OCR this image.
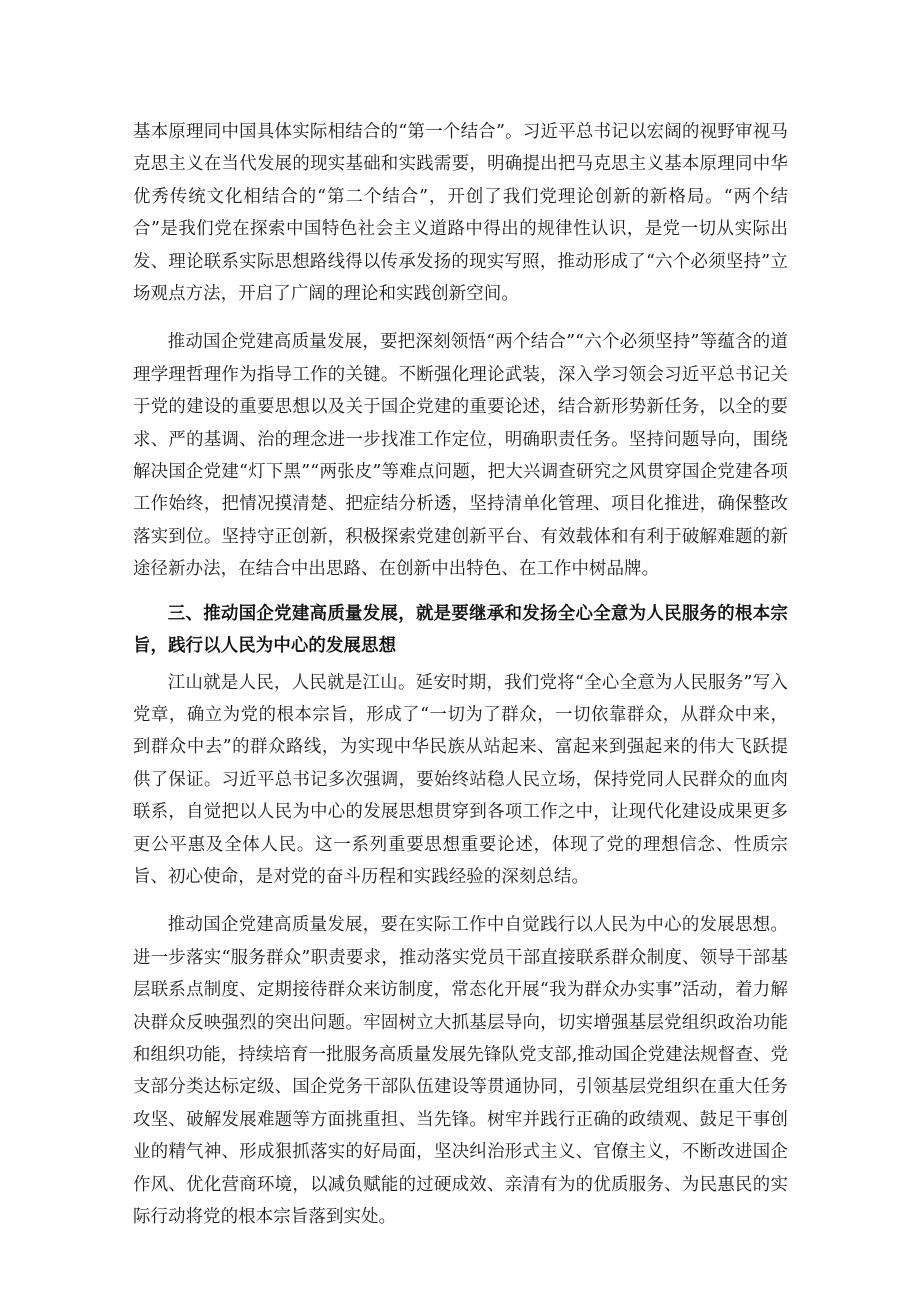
基本原理同中国具体实际相结合的“第一个结合”。习近平总书记以宏阔的视野审视马克思主义在当代发展的现实基础和实践需要，明确提出把马克思主义基本原理同中华优秀传统文化相结合的“第二个结合”，开创了我们党理论创新的新格局。“两个结合”是我们党在探索中国特色社会主义道路中得出的规律性认识，是党一切从实际出发、理论联系实际思想路线得以传承发扬的现实写照，推动形成了“六个必须坚持”立场观点方法，开启了广阔的理论和实践创新空间。

推动国企党建高质量发展，要把深刻领悟“两个结合”“六个必须坚持”等蕴含的道理学理哲理作为指导工作的关键。不断强化理论武装，深入学习领会习近平总书记关于党的建设的重要思想以及关于国企党建的重要论述，结合新形势新任务，以全的要求、严的基调、治的理念进一步找准工作定位，明确职责任务。坚持问题导向，围绕解决国企党建“灯下黑”“两张皮”等难点问题，把大兴调查研究之风贯穿国企党建各项工作始终，把情况摸清楚、把症结分析透，坚持清单化管理、项目化推进，确保整改落实到位。坚持守正创新，积极探索党建创新平台、有效载体和有利于破解难题的新途径新办法，在结合中出思路、在创新中出特色、在工作中树品牌。

三、推动国企党建高质量发展，就是要继承和发扬全心全意为人民服务的根本宗旨，践行以人民为中心的发展思想

江山就是人民，人民就是江山。延安时期，我们党将“全心全意为人民服务”写入党章，确立为党的根本宗旨，形成了“一切为了群众，一切依靠群众，从群众中来，到群众中去”的群众路线，为实现中华民族从站起来、富起来到强起来的伟大飞跃提供了保证。习近平总书记多次强调，要始终站稳人民立场，保持党同人民群众的血肉联系，自觉把以人民为中心的发展思想贯穿到各项工作之中，让现代化建设成果更多更公平惠及全体人民。这一系列重要思想重要论述，体现了党的理想信念、性质宗旨、初心使命，是对党的奋斗历程和实践经验的深刻总结。

推动国企党建高质量发展，要在实际工作中自觉践行以人民为中心的发展思想。进一步落实“服务群众”职责要求，推动落实党员干部直接联系群众制度、领导干部基层联系点制度、定期接待群众来访制度，常态化开展“我为群众办实事”活动，着力解决群众反映强烈的突出问题。牢固树立大抓基层导向，切实增强基层党组织政治功能和组织功能，持续培育一批服务高质量发展先锋队党支部,推动国企党建法规督查、党支部分类达标定级、国企党务干部队伍建设等贯通协同，引领基层党组织在重大任务攻坚、破解发展难题等方面挑重担、当先锋。树牢并践行正确的政绩观、鼓足干事创业的精气神、形成狠抓落实的好局面，坚决纠治形式主义、官僚主义，不断改进国企作风、优化营商环境，以减负赋能的过硬成效、亲清有为的优质服务、为民惠民的实际行动将党的根本宗旨落到实处。
